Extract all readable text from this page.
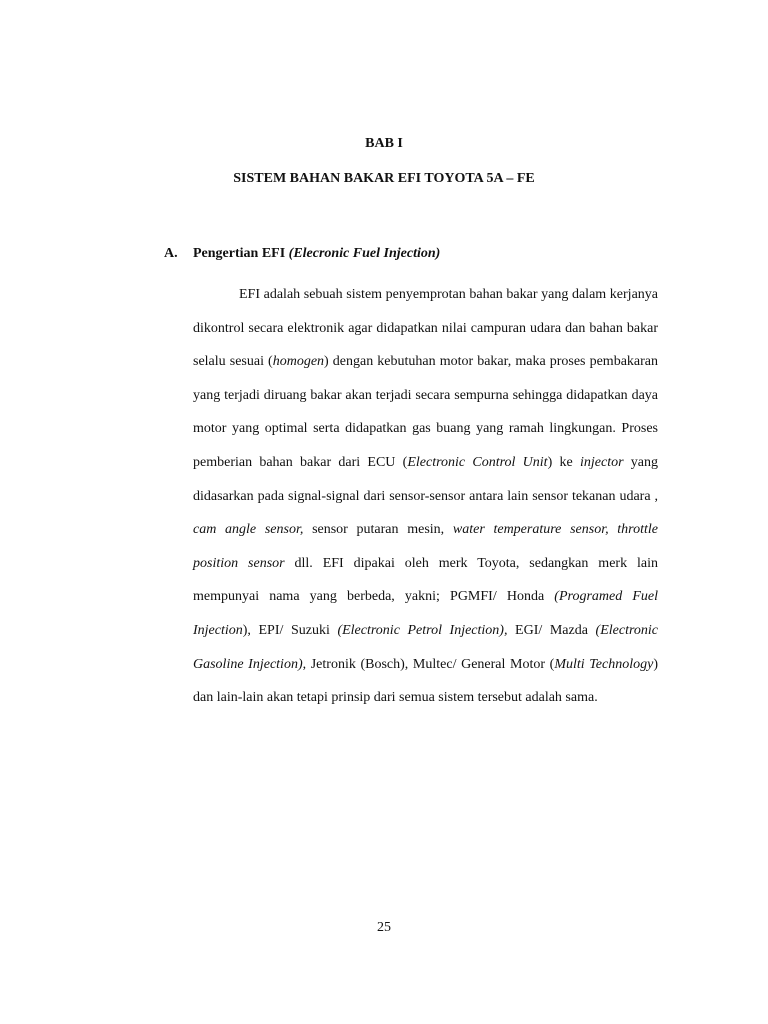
BAB I
SISTEM BAHAN BAKAR EFI TOYOTA 5A – FE
A. Pengertian EFI (Elecronic Fuel Injection)
EFI adalah sebuah sistem penyemprotan bahan bakar yang dalam kerjanya dikontrol secara elektronik agar didapatkan nilai campuran udara dan bahan bakar selalu sesuai (homogen) dengan kebutuhan motor bakar, maka proses pembakaran yang terjadi diruang bakar akan terjadi secara sempurna sehingga didapatkan daya motor yang optimal serta didapatkan gas buang yang ramah lingkungan. Proses pemberian bahan bakar dari ECU (Electronic Control Unit) ke injector yang didasarkan pada signal-signal dari sensor-sensor antara lain sensor tekanan udara , cam angle sensor, sensor putaran mesin, water temperature sensor, throttle position sensor dll. EFI dipakai oleh merk Toyota, sedangkan merk lain mempunyai nama yang berbeda, yakni; PGMFI/ Honda (Programed Fuel Injection), EPI/ Suzuki (Electronic Petrol Injection), EGI/ Mazda (Electronic Gasoline Injection), Jetronik (Bosch), Multec/ General Motor (Multi Technology) dan lain-lain akan tetapi prinsip dari semua sistem tersebut adalah sama.
25
